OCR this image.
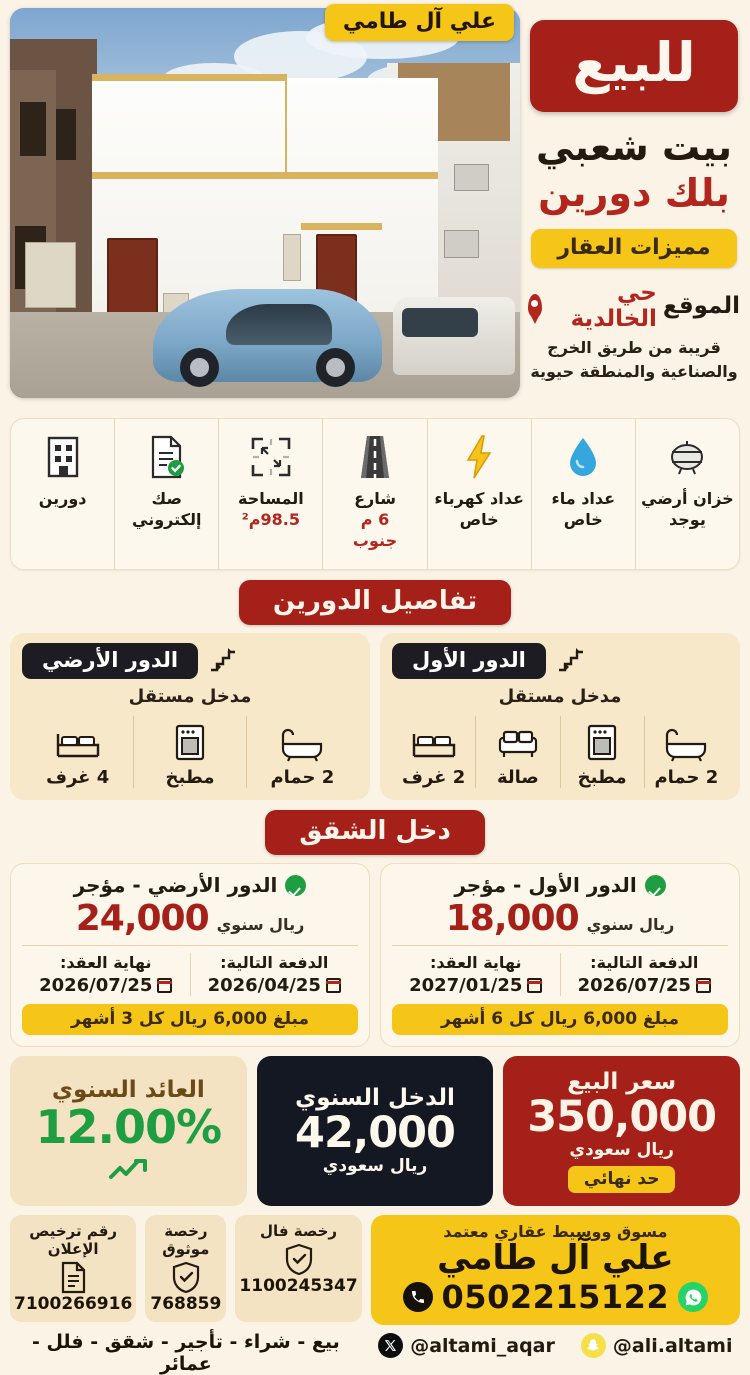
علي آل طامي
للبيع
بيت شعبي
بلك دورين
مميزات العقار
الموقع
حي الخالدية
قريبة من طريق الخرج والصناعية والمنطقة حيوية
خزان أرضي
يوجد
عداد ماء
خاص
عداد كهرباء
خاص
شارع
6 م
جنوب
المساحة
98.5م²
صك
إلكتروني
دورين
تفاصيل الدورين
الدور الأول
مدخل مستقل
2 حمام
مطبخ
صالة
2 غرف
الدور الأرضي
مدخل مستقل
2 حمام
مطبخ
4 غرف
دخل الشقق
الدور الأول - مؤجر
18,000 ريال سنوي
الدفعة التالية:
2026/07/25
نهاية العقد:
2027/01/25
مبلغ 6,000 ريال كل 6 أشهر
الدور الأرضي - مؤجر
24,000 ريال سنوي
الدفعة التالية:
2026/04/25
نهاية العقد:
2026/07/25
مبلغ 6,000 ريال كل 3 أشهر
سعر البيع
350,000
ريال سعودي
حد نهائي
الدخل السنوي
42,000
ريال سعودي
العائد السنوي
12.00%
مسوق ووسيط عقاري معتمد
علي آل طامي
0502215122
@ali.altami
@altami_aqar
رخصة فال
1100245347
رخصة موثوق
768859
رقم ترخيص الإعلان
7100266916
بيع - شراء - تأجير - شقق - فلل - عمائر
